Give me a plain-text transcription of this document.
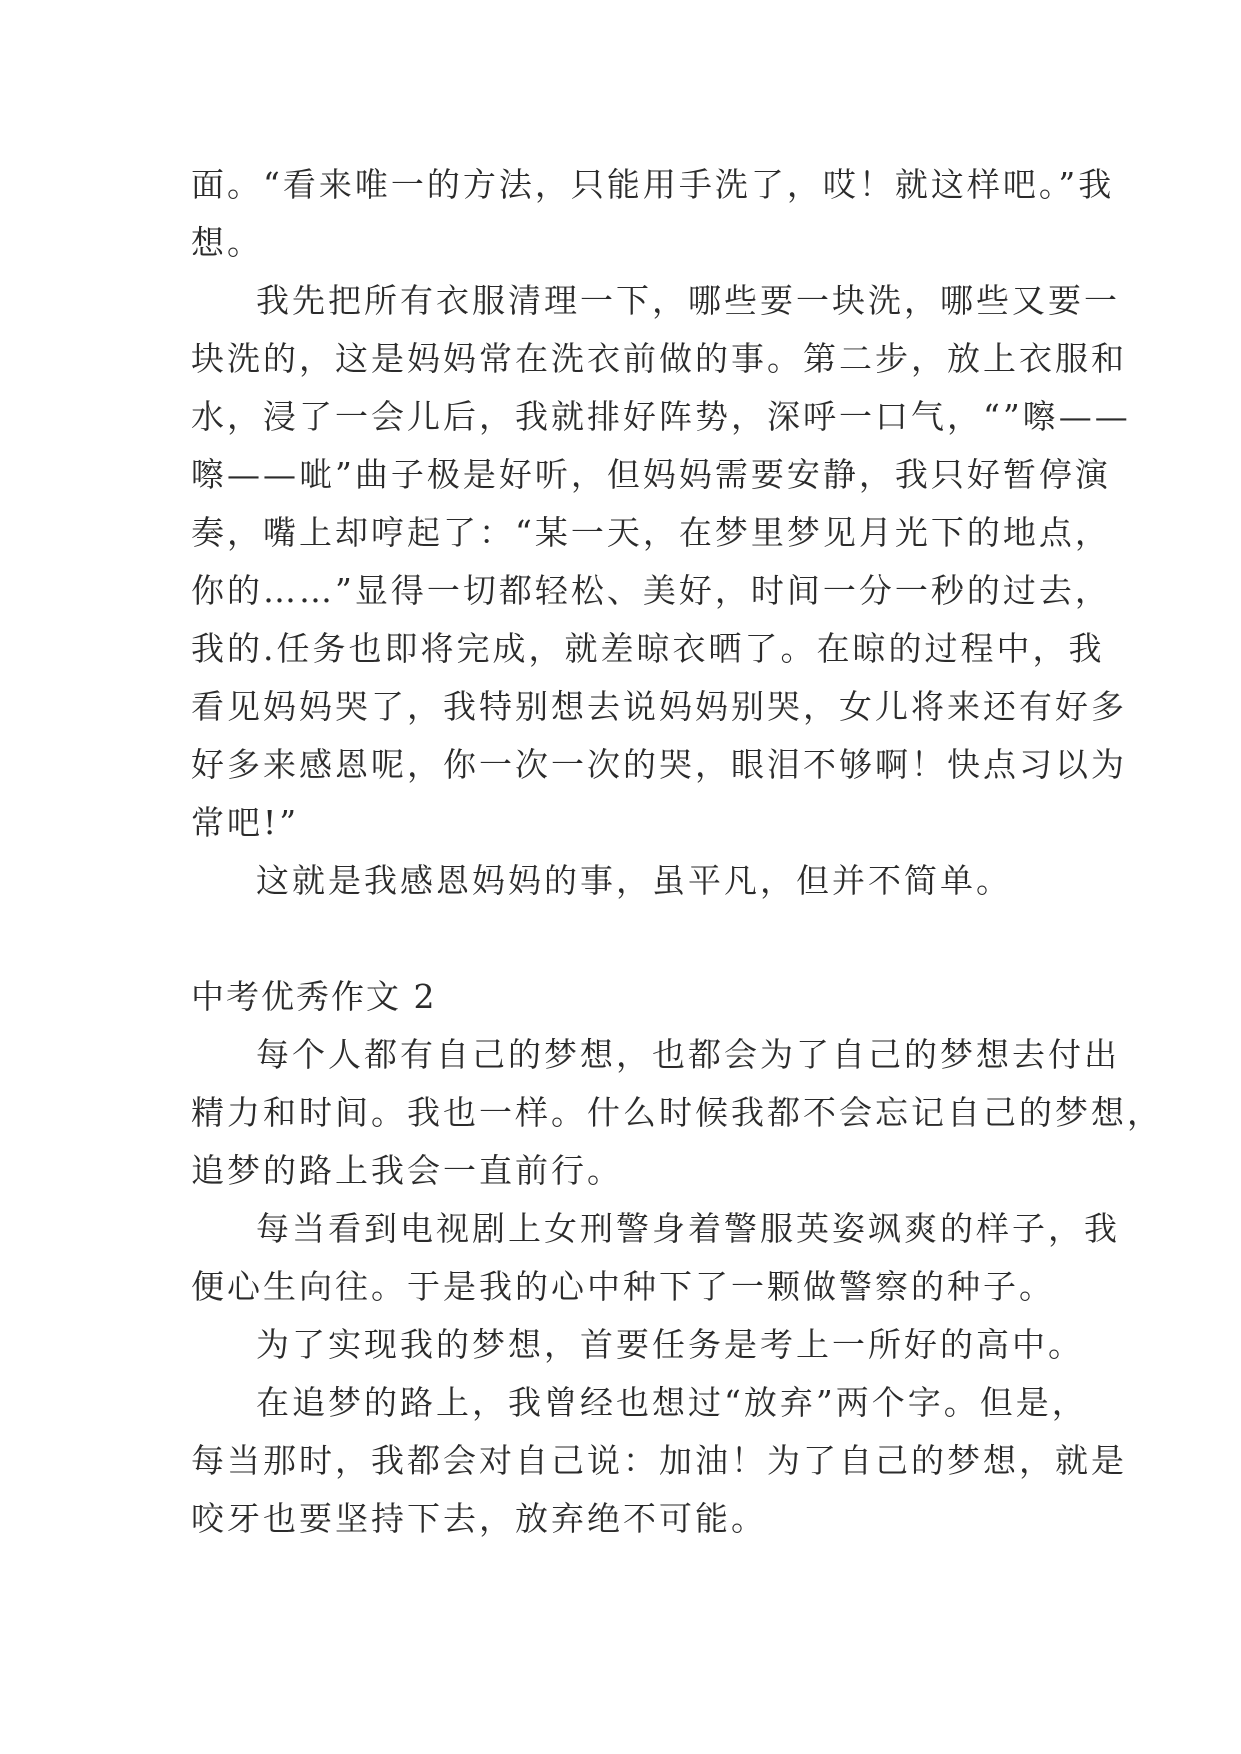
面。“看来唯一的方法，只能用手洗了，哎！就这样吧。”我

想。

我先把所有衣服清理一下，哪些要一块洗，哪些又要一

块洗的，这是妈妈常在洗衣前做的事。第二步，放上衣服和

水，浸了一会儿后，我就排好阵势，深呼一口气，“”嚓——

嚓——呲”曲子极是好听，但妈妈需要安静，我只好暂停演

奏，嘴上却哼起了：“某一天，在梦里梦见月光下的地点，

你的……”显得一切都轻松、美好，时间一分一秒的过去，

我的.任务也即将完成，就差晾衣晒了。在晾的过程中，我

看见妈妈哭了，我特别想去说妈妈别哭，女儿将来还有好多

好多来感恩呢，你一次一次的哭，眼泪不够啊！快点习以为

常吧!”

这就是我感恩妈妈的事，虽平凡，但并不简单。

中考优秀作文 2

每个人都有自己的梦想，也都会为了自己的梦想去付出

精力和时间。我也一样。什么时候我都不会忘记自己的梦想，

追梦的路上我会一直前行。

每当看到电视剧上女刑警身着警服英姿飒爽的样子，我

便心生向往。于是我的心中种下了一颗做警察的种子。

为了实现我的梦想，首要任务是考上一所好的高中。

在追梦的路上，我曾经也想过“放弃”两个字。但是，

每当那时，我都会对自己说：加油！为了自己的梦想，就是

咬牙也要坚持下去，放弃绝不可能。
